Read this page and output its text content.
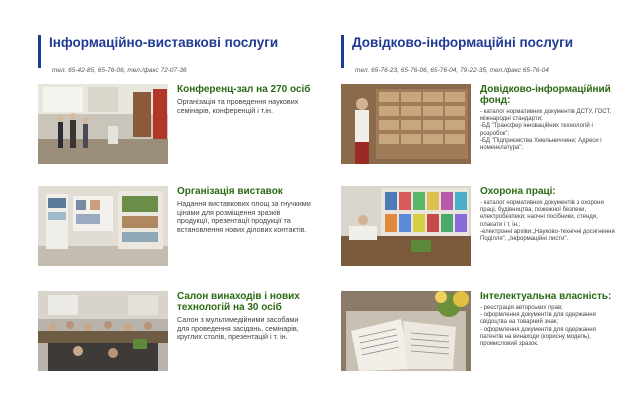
Інформаційно-виставкові послуги
тел. 65-42-85, 65-76-06, тел./факс 72-07-36
Конференц-зал на 270 осіб
Організація та проведення наукових семінарів, конференцій і т.ін.
Організація виставок
Надання виставкових площ за гнучкими цінами для розміщення зразків продукції, презентації продукції та встановлення нових ділових контактів.
Салон винаходів і нових технологій на 30 осіб
Салон з мультимедійними засобами для проведення засідань, семінарів, круглих столів, презентацій і т. ін.
Довідково-інформаційні послуги
тел. 65-76-23, 65-76-06, 65-76-04, 79-22-35, тел./факс 65-76-04
Довідково-інформаційний фонд:
- каталог нормативних документів ДСТУ, ГОСТ, міжнародні стандарти;
-БД "Трансфер інноваційних технологій і розробок";
-БД "Підприємства Хмельниччини; Адреси і номенклатура";
Охорона праці:
- каталог нормативних документів з охорони праці, будівництва, пожежної безпеки, електробезпеки; наочні посібники, стенди, плакати і т. ін.;
-електронні архіви:„Науково-технічні досягнення Поділля", „Інформаційні листи".
Інтелектуальна власність:
- реєстрація авторських прав;
- оформлення документів для одержання свідоцтва на товарний знак;
- оформлення документів для одержання патентів на винаходи (корисну модель), промисловий зразок.
